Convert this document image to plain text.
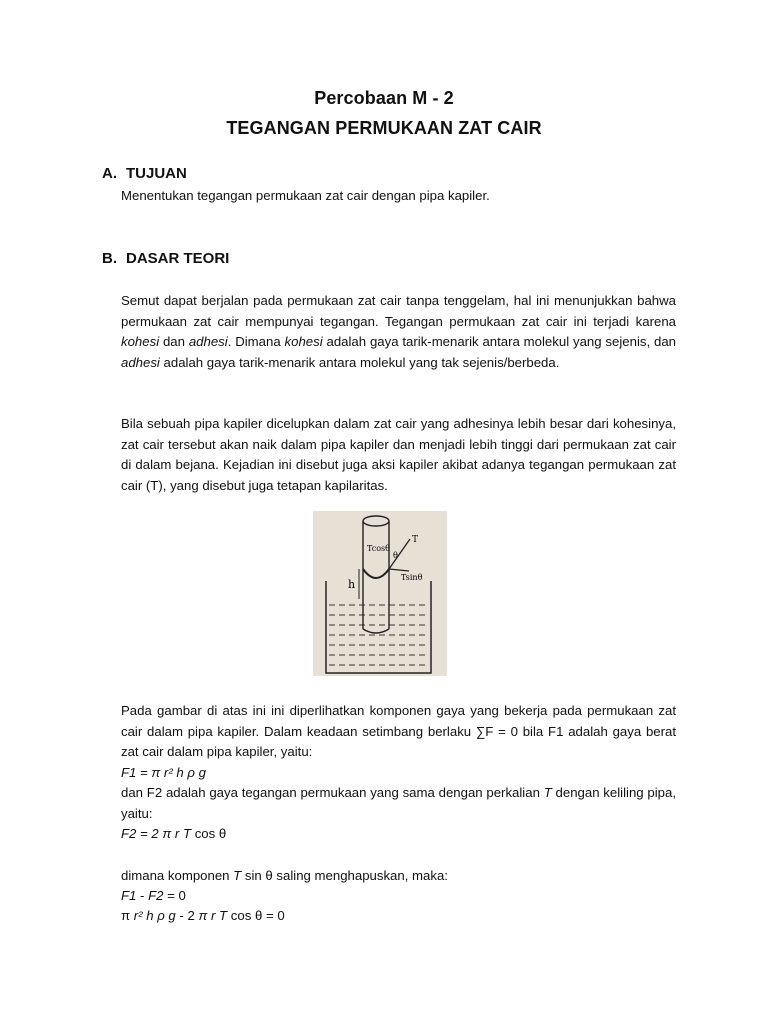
Percobaan M - 2
TEGANGAN PERMUKAAN ZAT CAIR
A. TUJUAN
Menentukan tegangan permukaan zat cair dengan pipa kapiler.
B. DASAR TEORI
Semut dapat berjalan pada permukaan zat cair tanpa tenggelam, hal ini menunjukkan bahwa permukaan zat cair mempunyai tegangan. Tegangan permukaan zat cair ini terjadi karena kohesi dan adhesi. Dimana kohesi adalah gaya tarik-menarik antara molekul yang sejenis, dan adhesi adalah gaya tarik-menarik antara molekul yang tak sejenis/berbeda.
Bila sebuah pipa kapiler dicelupkan dalam zat cair yang adhesinya lebih besar dari kohesinya, zat cair tersebut akan naik dalam pipa kapiler dan menjadi lebih tinggi dari permukaan zat cair di dalam bejana. Kejadian ini disebut juga aksi kapiler akibat adanya tegangan permukaan zat cair (T), yang disebut juga tetapan kapilaritas.
Tcosθ
T
θ
Tsinθ
h
Pada gambar di atas ini ini diperlihatkan komponen gaya yang bekerja pada permukaan zat cair dalam pipa kapiler. Dalam keadaan setimbang berlaku ∑F = 0 bila F1 adalah gaya berat zat cair dalam pipa kapiler, yaitu:
F1 = π r² h ρ g
dan F2 adalah gaya tegangan permukaan yang sama dengan perkalian T dengan keliling pipa, yaitu:
F2 = 2 π r T cos θ
dimana komponen T sin θ saling menghapuskan, maka:
F1 - F2 = 0
π r² h ρ g - 2 π r T cos θ = 0
